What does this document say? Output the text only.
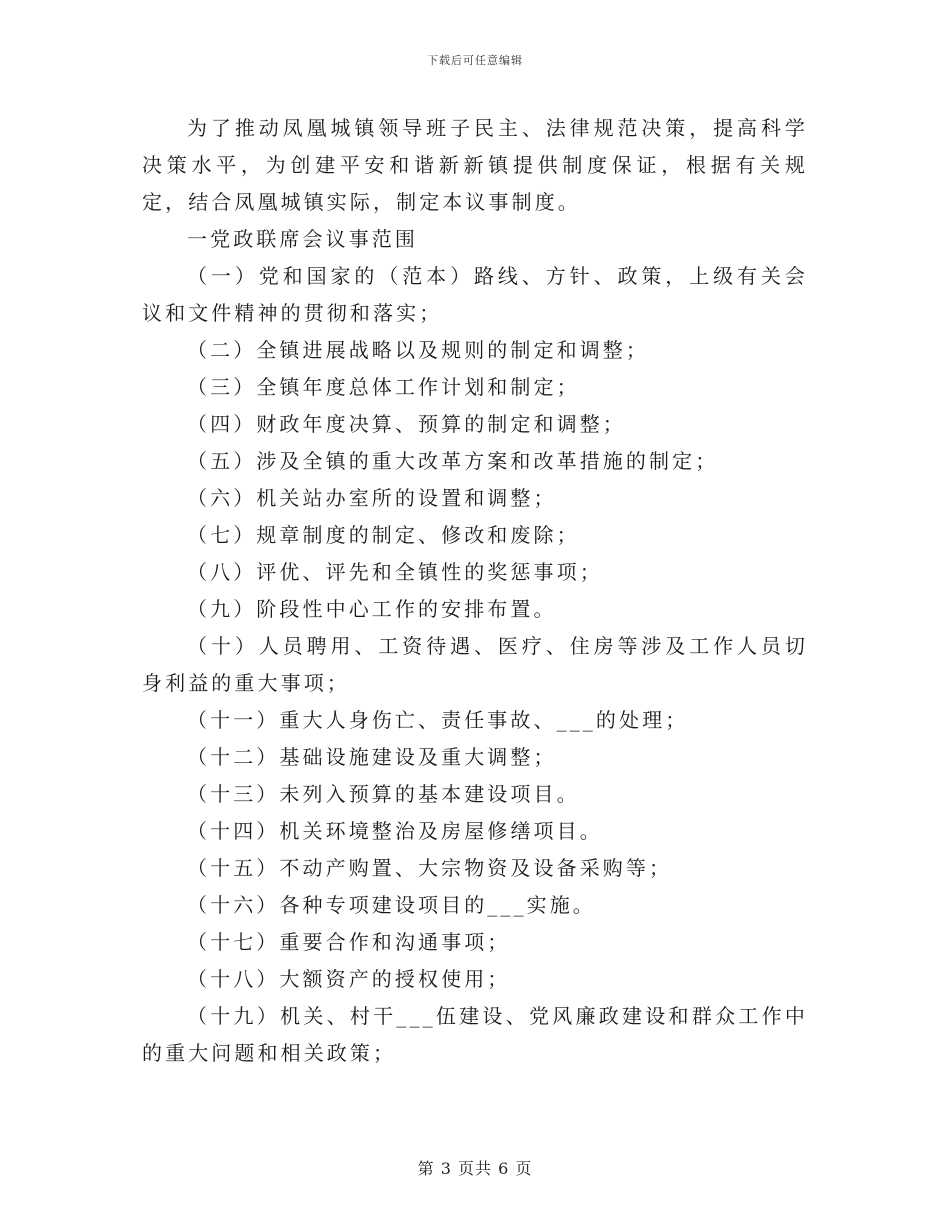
下载后可任意编辑

为了推动凤凰城镇领导班子民主、法律规范决策，提高科学决策水平，为创建平安和谐新新镇提供制度保证，根据有关规定，结合凤凰城镇实际，制定本议事制度。

一党政联席会议事范围

（一）党和国家的（范本）路线、方针、政策，上级有关会议和文件精神的贯彻和落实；

（二）全镇进展战略以及规则的制定和调整；

（三）全镇年度总体工作计划和制定；

（四）财政年度决算、预算的制定和调整；

（五）涉及全镇的重大改革方案和改革措施的制定；

（六）机关站办室所的设置和调整；

（七）规章制度的制定、修改和废除；

（八）评优、评先和全镇性的奖惩事项；

（九）阶段性中心工作的安排布置。

（十）人员聘用、工资待遇、医疗、住房等涉及工作人员切身利益的重大事项；

（十一）重大人身伤亡、责任事故、___的处理；

（十二）基础设施建设及重大调整；

（十三）未列入预算的基本建设项目。

（十四）机关环境整治及房屋修缮项目。

（十五）不动产购置、大宗物资及设备采购等；

（十六）各种专项建设项目的___实施。

（十七）重要合作和沟通事项；

（十八）大额资产的授权使用；

（十九）机关、村干___伍建设、党风廉政建设和群众工作中的重大问题和相关政策；

第 3 页共 6 页
